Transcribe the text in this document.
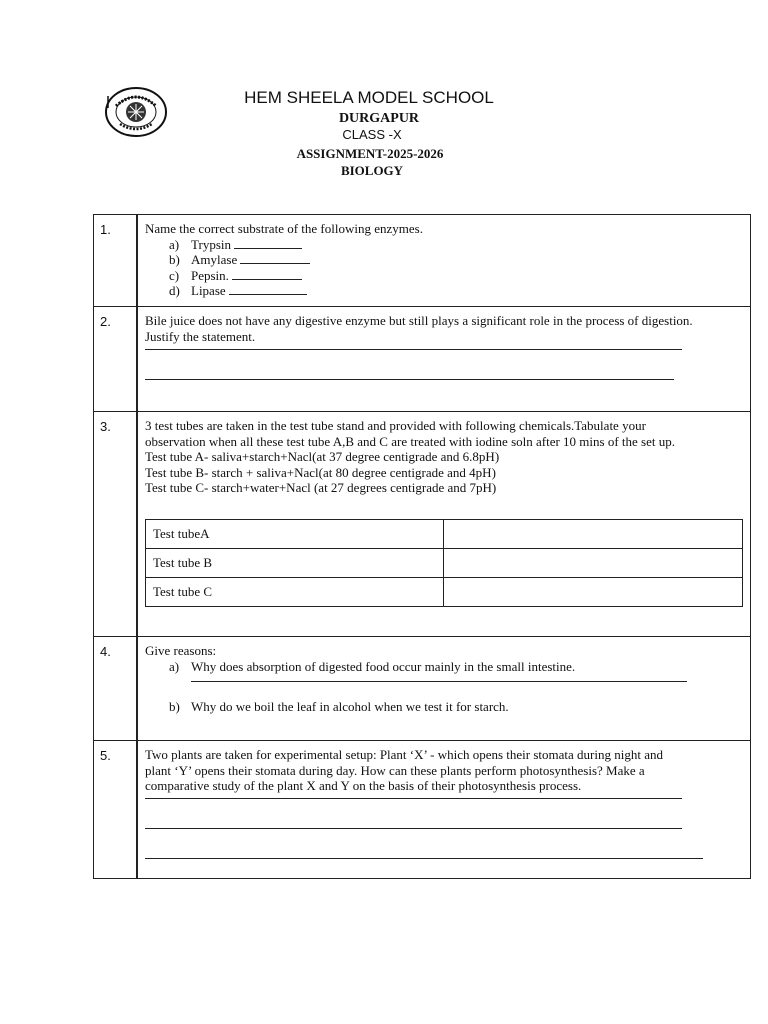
HEM SHEELA MODEL SCHOOL
DURGAPUR
CLASS -X
ASSIGNMENT-2025-2026
BIOLOGY
1.	Name the correct substrate of the following enzymes.
a) Trypsin
b) Amylase
c) Pepsin.
d) Lipase

2.	Bile juice does not have any digestive enzyme but still plays a significant role in the process of digestion.
Justify the statement.

3.	3 test tubes are taken in the test tube stand and provided with following chemicals.Tabulate your
observation when all these test tube A,B and C are treated with iodine soln after 10 mins of the set up.
Test tube A- saliva+starch+Nacl(at 37 degree centigrade and 6.8pH)
Test tube B- starch + saliva+Nacl(at 80 degree centigrade and 4pH)
Test tube C- starch+water+Nacl (at 27 degrees centigrade and 7pH)
Test tubeA	
Test tube B	
Test tube C	

4.	Give reasons:
a) Why does absorption of digested food occur mainly in the small intestine.
b) Why do we boil the leaf in alcohol when we test it for starch.

5.	Two plants are taken for experimental setup: Plant ‘X’ - which opens their stomata during night and
plant ‘Y’ opens their stomata during day. How can these plants perform photosynthesis? Make a
comparative study of the plant X and Y on the basis of their photosynthesis process.
